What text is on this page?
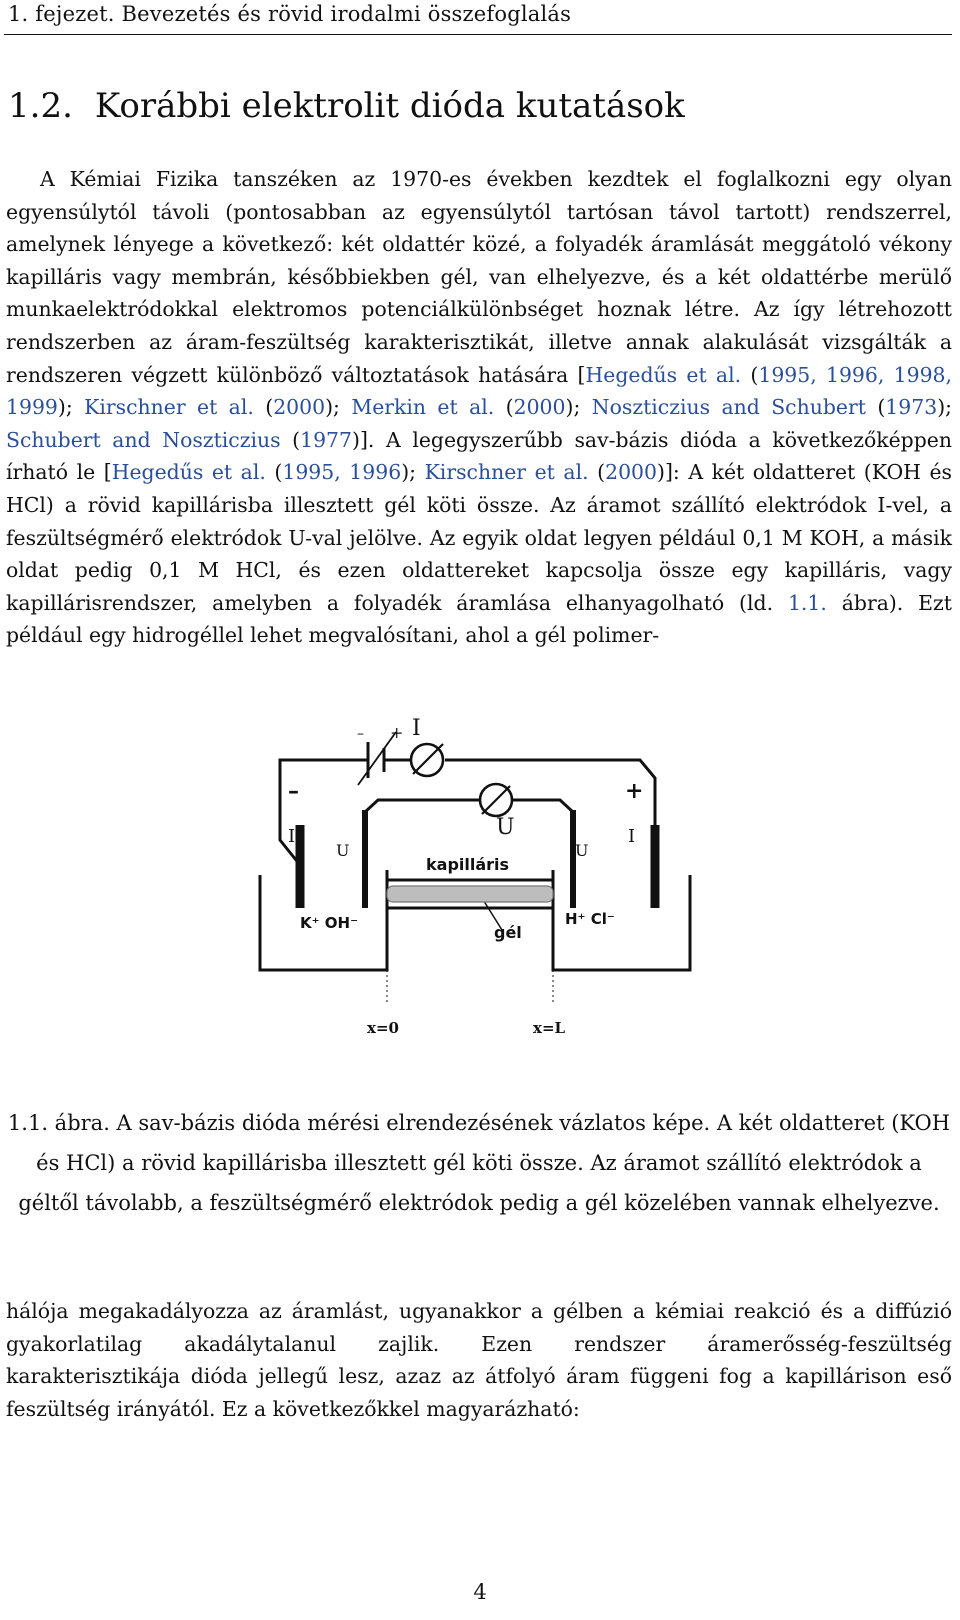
1. fejezet. Bevezetés és rövid irodalmi összefoglalás
1.2. Korábbi elektrolit dióda kutatások
A Kémiai Fizika tanszéken az 1970-es években kezdtek el foglalkozni egy olyan egyensúlytól távoli (pontosabban az egyensúlytól tartósan távol tartott) rendszerrel, amelynek lényege a következő: két oldattér közé, a folyadék áramlását meggátoló vékony kapilláris vagy membrán, későbbiekben gél, van elhelyezve, és a két oldattérbe merülő munkaelektródokkal elektromos potenciálkülönbséget hoznak létre. Az így létrehozott rendszerben az áram-feszültség karakterisztikát, illetve annak alakulását vizsgálták a rendszeren végzett különböző változtatások hatására [Hegedűs et al. (1995, 1996, 1998, 1999); Kirschner et al. (2000); Merkin et al. (2000); Noszticzius and Schubert (1973); Schubert and Noszticzius (1977)]. A legegyszerűbb sav-bázis dióda a következőképpen írható le [Hegedűs et al. (1995, 1996); Kirschner et al. (2000)]: A két oldatteret (KOH és HCl) a rövid kapillárisba illesztett gél köti össze. Az áramot szállító elektródok I-vel, a feszültségmérő elektródok U-val jelölve. Az egyik oldat legyen például 0,1 M KOH, a másik oldat pedig 0,1 M HCl, és ezen oldattereket kapcsolja össze egy kapilláris, vagy kapillárisrendszer, amelyben a folyadék áramlása elhanyagolható (ld. 1.1. ábra). Ezt például egy hidrogéllel lehet megvalósítani, ahol a gél polimer-
– + I
–	+
I
U
U
kapilláris
U
I
K⁺ OH⁻	H⁺ Cl⁻
gél
x=0	x=L
1.1. ábra. A sav-bázis dióda mérési elrendezésének vázlatos képe. A két oldatteret (KOH és HCl) a rövid kapillárisba illesztett gél köti össze. Az áramot szállító elektródok a géltől távolabb, a feszültségmérő elektródok pedig a gél közelében vannak elhelyezve.
hálója megakadályozza az áramlást, ugyanakkor a gélben a kémiai reakció és a diffúzió gyakorlatilag akadálytalanul zajlik. Ezen rendszer áramerősség-feszültség karakterisztikája dióda jellegű lesz, azaz az átfolyó áram függeni fog a kapillárison eső feszültség irányától. Ez a következőkkel magyarázható:
4
